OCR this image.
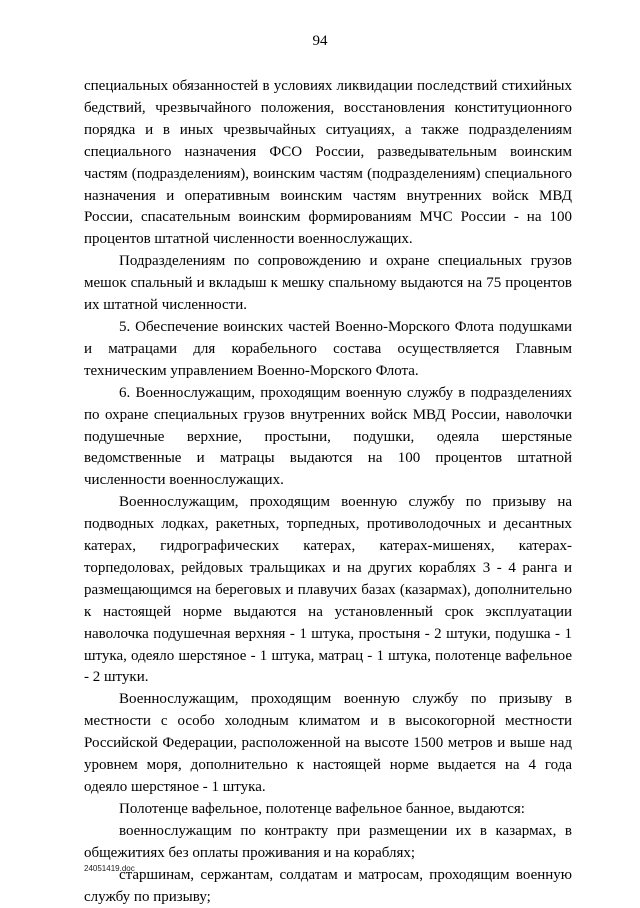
94

специальных обязанностей в условиях ликвидации последствий стихийных бедствий, чрезвычайного положения, восстановления конституционного порядка и в иных чрезвычайных ситуациях, а также подразделениям специального назначения ФСО России, разведывательным воинским частям (подразделениям), воинским частям (подразделениям) специального назначения и оперативным воинским частям внутренних войск МВД России, спасательным воинским формированиям МЧС России - на 100 процентов штатной численности военнослужащих.

Подразделениям по сопровождению и охране специальных грузов мешок спальный и вкладыш к мешку спальному выдаются на 75 процентов их штатной численности.

5. Обеспечение воинских частей Военно-Морского Флота подушками и матрацами для корабельного состава осуществляется Главным техническим управлением Военно-Морского Флота.

6. Военнослужащим, проходящим военную службу в подразделениях по охране специальных грузов внутренних войск МВД России, наволочки подушечные верхние, простыни, подушки, одеяла шерстяные ведомственные и матрацы выдаются на 100 процентов штатной численности военнослужащих.

Военнослужащим, проходящим военную службу по призыву на подводных лодках, ракетных, торпедных, противолодочных и десантных катерах, гидрографических катерах, катерах-мишенях, катерах-торпедоловах, рейдовых тральщиках и на других кораблях 3 - 4 ранга и размещающимся на береговых и плавучих базах (казармах), дополнительно к настоящей норме выдаются на установленный срок эксплуатации наволочка подушечная верхняя - 1 штука, простыня - 2 штуки, подушка - 1 штука, одеяло шерстяное - 1 штука, матрац - 1 штука, полотенце вафельное - 2 штуки.

Военнослужащим, проходящим военную службу по призыву в местности с особо холодным климатом и в высокогорной местности Российской Федерации, расположенной на высоте 1500 метров и выше над уровнем моря, дополнительно к настоящей норме выдается на 4 года одеяло шерстяное - 1 штука.

Полотенце вафельное, полотенце вафельное банное, выдаются:

военнослужащим по контракту при размещении их в казармах, в общежитиях без оплаты проживания и на кораблях;

старшинам, сержантам, солдатам и матросам, проходящим военную службу по призыву;

24051419.doc
